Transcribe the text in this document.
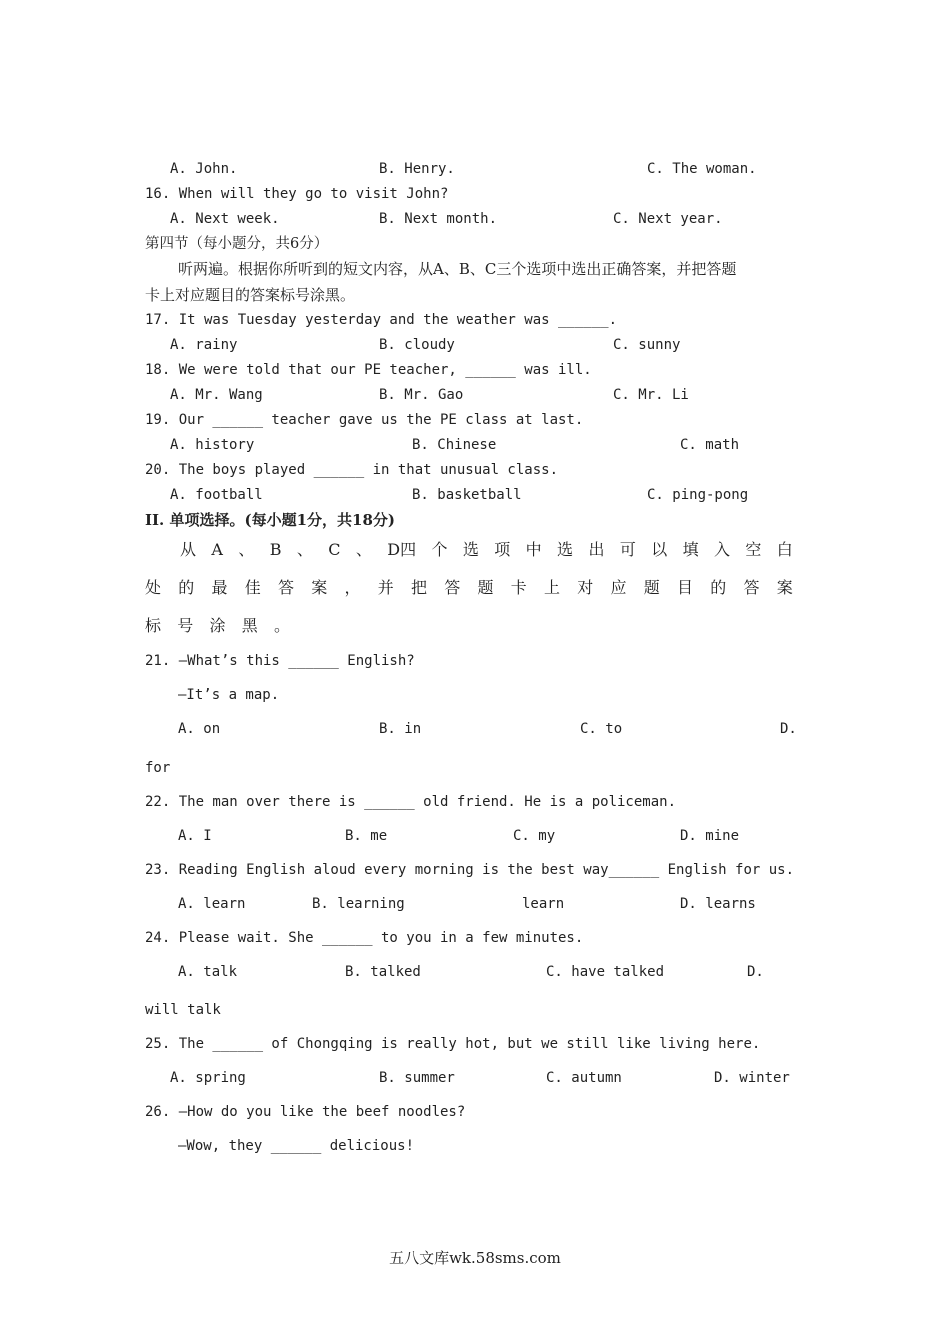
A. John.	B. Henry.	C. The woman.
16. When will they go to visit John?
A. Next week.	B. Next month.	C. Next year.
第四节（每小题分，共6分）
听两遍。根据你所听到的短文内容，从A、B、C三个选项中选出正确答案，并把答题
卡上对应题目的答案标号涂黑。
17. It was Tuesday yesterday and the weather was ______.
A. rainy	B. cloudy	C. sunny
18. We were told that our PE teacher, ______ was ill.
A. Mr. Wang	B. Mr. Gao	C. Mr. Li
19. Our ______ teacher gave us the PE class at last.
A. history	B. Chinese	C. math
20. The boys played ______ in that unusual class.
A. football	B. basketball	C. ping-pong
II. 单项选择。(每小题1分，共18分)
从 A 、 B 、 C 、 D四 个 选 项 中 选 出 可 以 填 入 空 白
处 的 最 佳 答 案 ， 并 把 答 题 卡 上 对 应 题 目 的 答 案
标 号 涂 黑 。
21. —What’s this ______ English?
—It’s a map.
A. on	B. in	C. to	D.
for
22. The man over there is ______ old friend. He is a policeman.
A. I	B. me	C. my	D. mine
23. Reading English aloud every morning is the best way______ English for us.
A. learn	B. learning	learn	D. learns
24. Please wait. She ______ to you in a few minutes.
A. talk	B. talked	C. have talked	D.
will talk
25. The ______ of Chongqing is really hot, but we still like living here.
A. spring	B. summer	C. autumn	D. winter
26. —How do you like the beef noodles?
—Wow, they ______ delicious!
五八文库wk.58sms.com
